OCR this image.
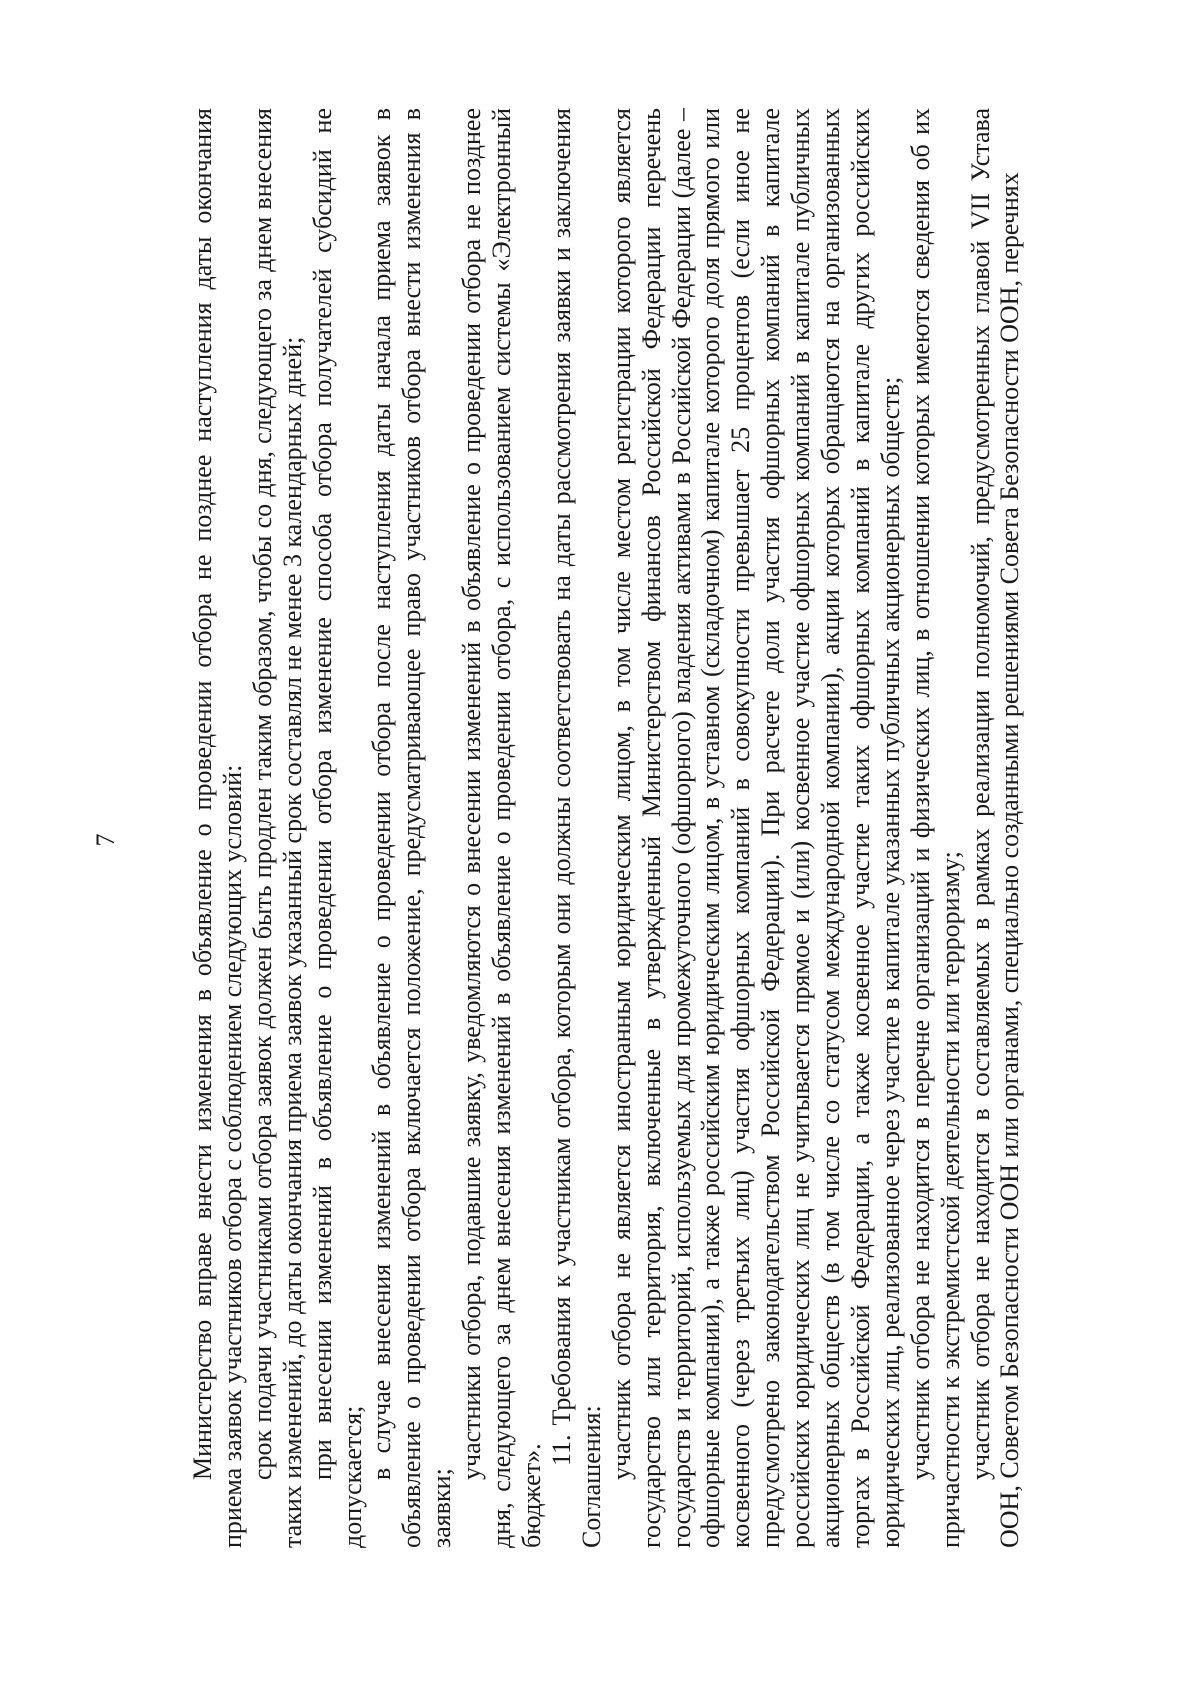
7	Министерство вправе внести изменения в объявление о проведении отбора не позднее наступления даты окончания приема заявок участников отбора с соблюдением следующих условий: срок подачи участниками отбора заявок должен быть продлен таким образом, чтобы со дня, следующего за днем внесения таких изменений, до даты окончания приема заявок указанный срок составлял не менее 3 календарных дней; при внесении изменений в объявление о проведении отбора изменение способа отбора получателей субсидий не допускается; в случае внесения изменений в объявление о проведении отбора после наступления даты начала приема заявок в объявление о проведении отбора включается положение, предусматривающее право участников отбора внести изменения в заявки;

участники отбора, подавшие заявку, уведомляются о внесении изменений в объявление о проведении отбора не позднее дня, следующего за днем внесения изменений в объявление о проведении отбора, с использованием системы «Электронный бюджет».

11. Требования к участникам отбора, которым они должны соответствовать на даты рассмотрения заявки и заключения Соглашения: участник отбора не является иностранным юридическим лицом, в том числе местом регистрации которого является государство или территория, включенные в утвержденный Министерством финансов Российской Федерации перечень государств и территорий, используемых для промежуточного (офшорного) владения активами в Российской Федерации (далее – офшорные компании), а также российским юридическим лицом, в уставном (складочном) капитале которого доля прямого или косвенного (через третьих лиц) участия офшорных компаний в совокупности превышает 25 процентов (если иное не предусмотрено законодательством Российской Федерации). При расчете доли участия офшорных компаний в капитале российских юридических лиц не учитывается прямое и (или) косвенное участие офшорных компаний в капитале публичных акционерных обществ (в том числе со статусом международной компании), акции которых обращаются на организованных торгах в Российской Федерации, а также косвенное участие таких офшорных компаний в капитале других российских юридических лиц, реализованное через участие в капитале указанных публичных акционерных обществ; участник отбора не находится в перечне организаций и физических лиц, в отношении которых имеются сведения об их причастности к экстремистской деятельности или терроризму; участник отбора не находится в составляемых в рамках реализации полномочий, предусмотренных главой VII Устава ООН, Советом Безопасности ООН или органами, специально созданными решениями Совета Безопасности ООН, перечнях
